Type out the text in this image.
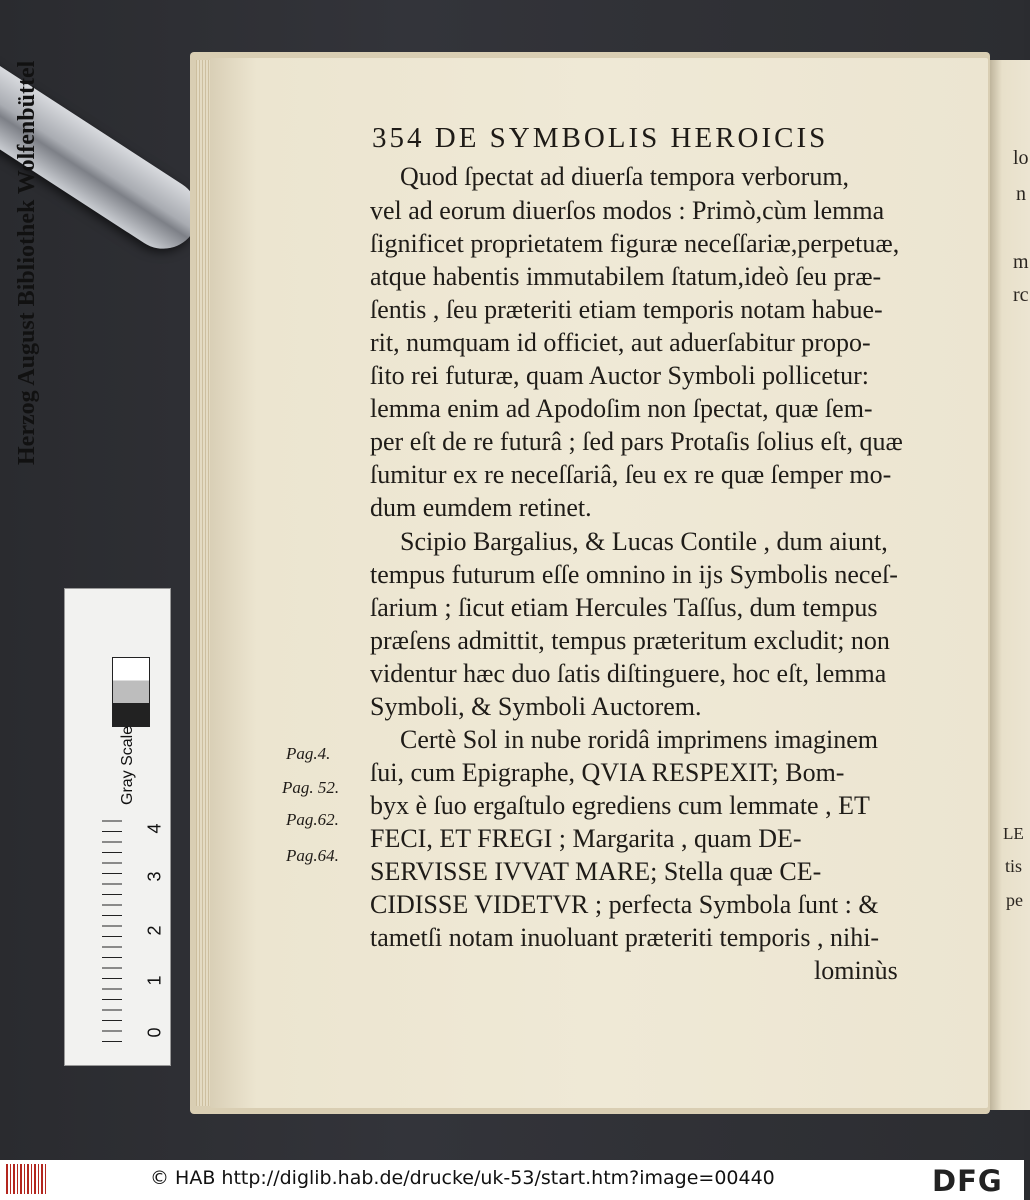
lo
n
m
rc
LE
tis
pe
Herzog August Bibliothek Wolfenbüttel
Gray Scale
4
3
2
1
0
354 DE SYMBOLIS HEROICIS
Quod ſpectat ad diuerſa tempora verborum,
vel ad eorum diuerſos modos : Primò,cùm lemma
ſignificet proprietatem figuræ neceſſariæ,perpetuæ,
atque habentis immutabilem ſtatum,ideò ſeu præ-
ſentis , ſeu præteriti etiam temporis notam habue-
rit, numquam id officiet, aut aduerſabitur propo-
ſito rei futuræ, quam Auctor Symboli pollicetur:
lemma enim ad Apodoſim non ſpectat, quæ ſem-
per eſt de re futurâ ; ſed pars Protaſis ſolius eſt, quæ
ſumitur ex re neceſſariâ, ſeu ex re quæ ſemper mo-
dum eumdem retinet.
Scipio Bargalius, & Lucas Contile , dum aiunt,
tempus futurum eſſe omnino in ijs Symbolis neceſ-
ſarium ; ſicut etiam Hercules Taſſus, dum tempus
præſens admittit, tempus præteritum excludit; non
videntur hæc duo ſatis diſtinguere, hoc eſt, lemma
Symboli, & Symboli Auctorem.
Certè Sol in nube roridâ imprimens imaginem
ſui, cum Epigraphe, QVIA RESPEXIT; Bom-
byx è ſuo ergaſtulo egrediens cum lemmate , ET
FECI, ET FREGI ; Margarita , quam DE-
SERVISSE IVVAT MARE; Stella quæ CE-
CIDISSE VIDETVR ; perfecta Symbola ſunt : &
tametſi notam inuoluant præteriti temporis , nihi-
lominùs
Pag.4.
Pag. 52.
Pag.62.
Pag.64.
© HAB http://diglib.hab.de/drucke/uk-53/start.htm?image=00440	DFG
